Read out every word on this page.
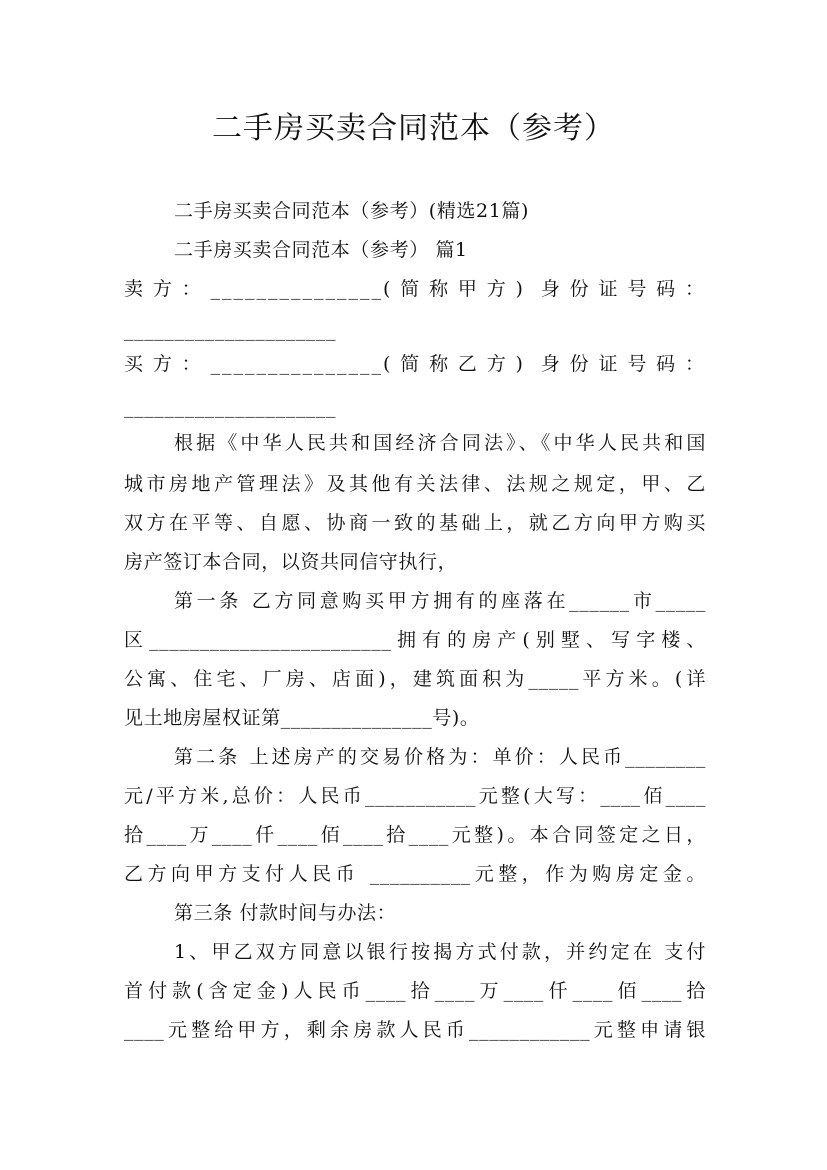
二手房买卖合同范本（参考）
二手房买卖合同范本（参考）(精选21篇)
二手房买卖合同范本（参考） 篇1
卖方：_______________(简称甲方) 身份证号码：
_____________________
买方：_______________(简称乙方) 身份证号码：
_____________________
根据《中华人民共和国经济合同法》、《中华人民共和国
城市房地产管理法》及其他有关法律、法规之规定，甲、乙
双方在平等、自愿、协商一致的基础上，就乙方向甲方购买
房产签订本合同，以资共同信守执行，
第一条 乙方同意购买甲方拥有的座落在______市_____
区________________________拥有的房产(别墅、写字楼、
公寓、住宅、厂房、店面)，建筑面积为_____平方米。(详
见土地房屋权证第_______________号)。
第二条 上述房产的交易价格为：单价：人民币________
元/平方米,总价：人民币___________元整(大写：____佰____
拾____万____仟____佰____拾____元整)。本合同签定之日，
乙方向甲方支付人民币 __________元整，作为购房定金。
第三条 付款时间与办法：
1、甲乙双方同意以银行按揭方式付款，并约定在 支付
首付款(含定金)人民币____拾____万____仟____佰____拾
____元整给甲方，剩余房款人民币____________元整申请银
